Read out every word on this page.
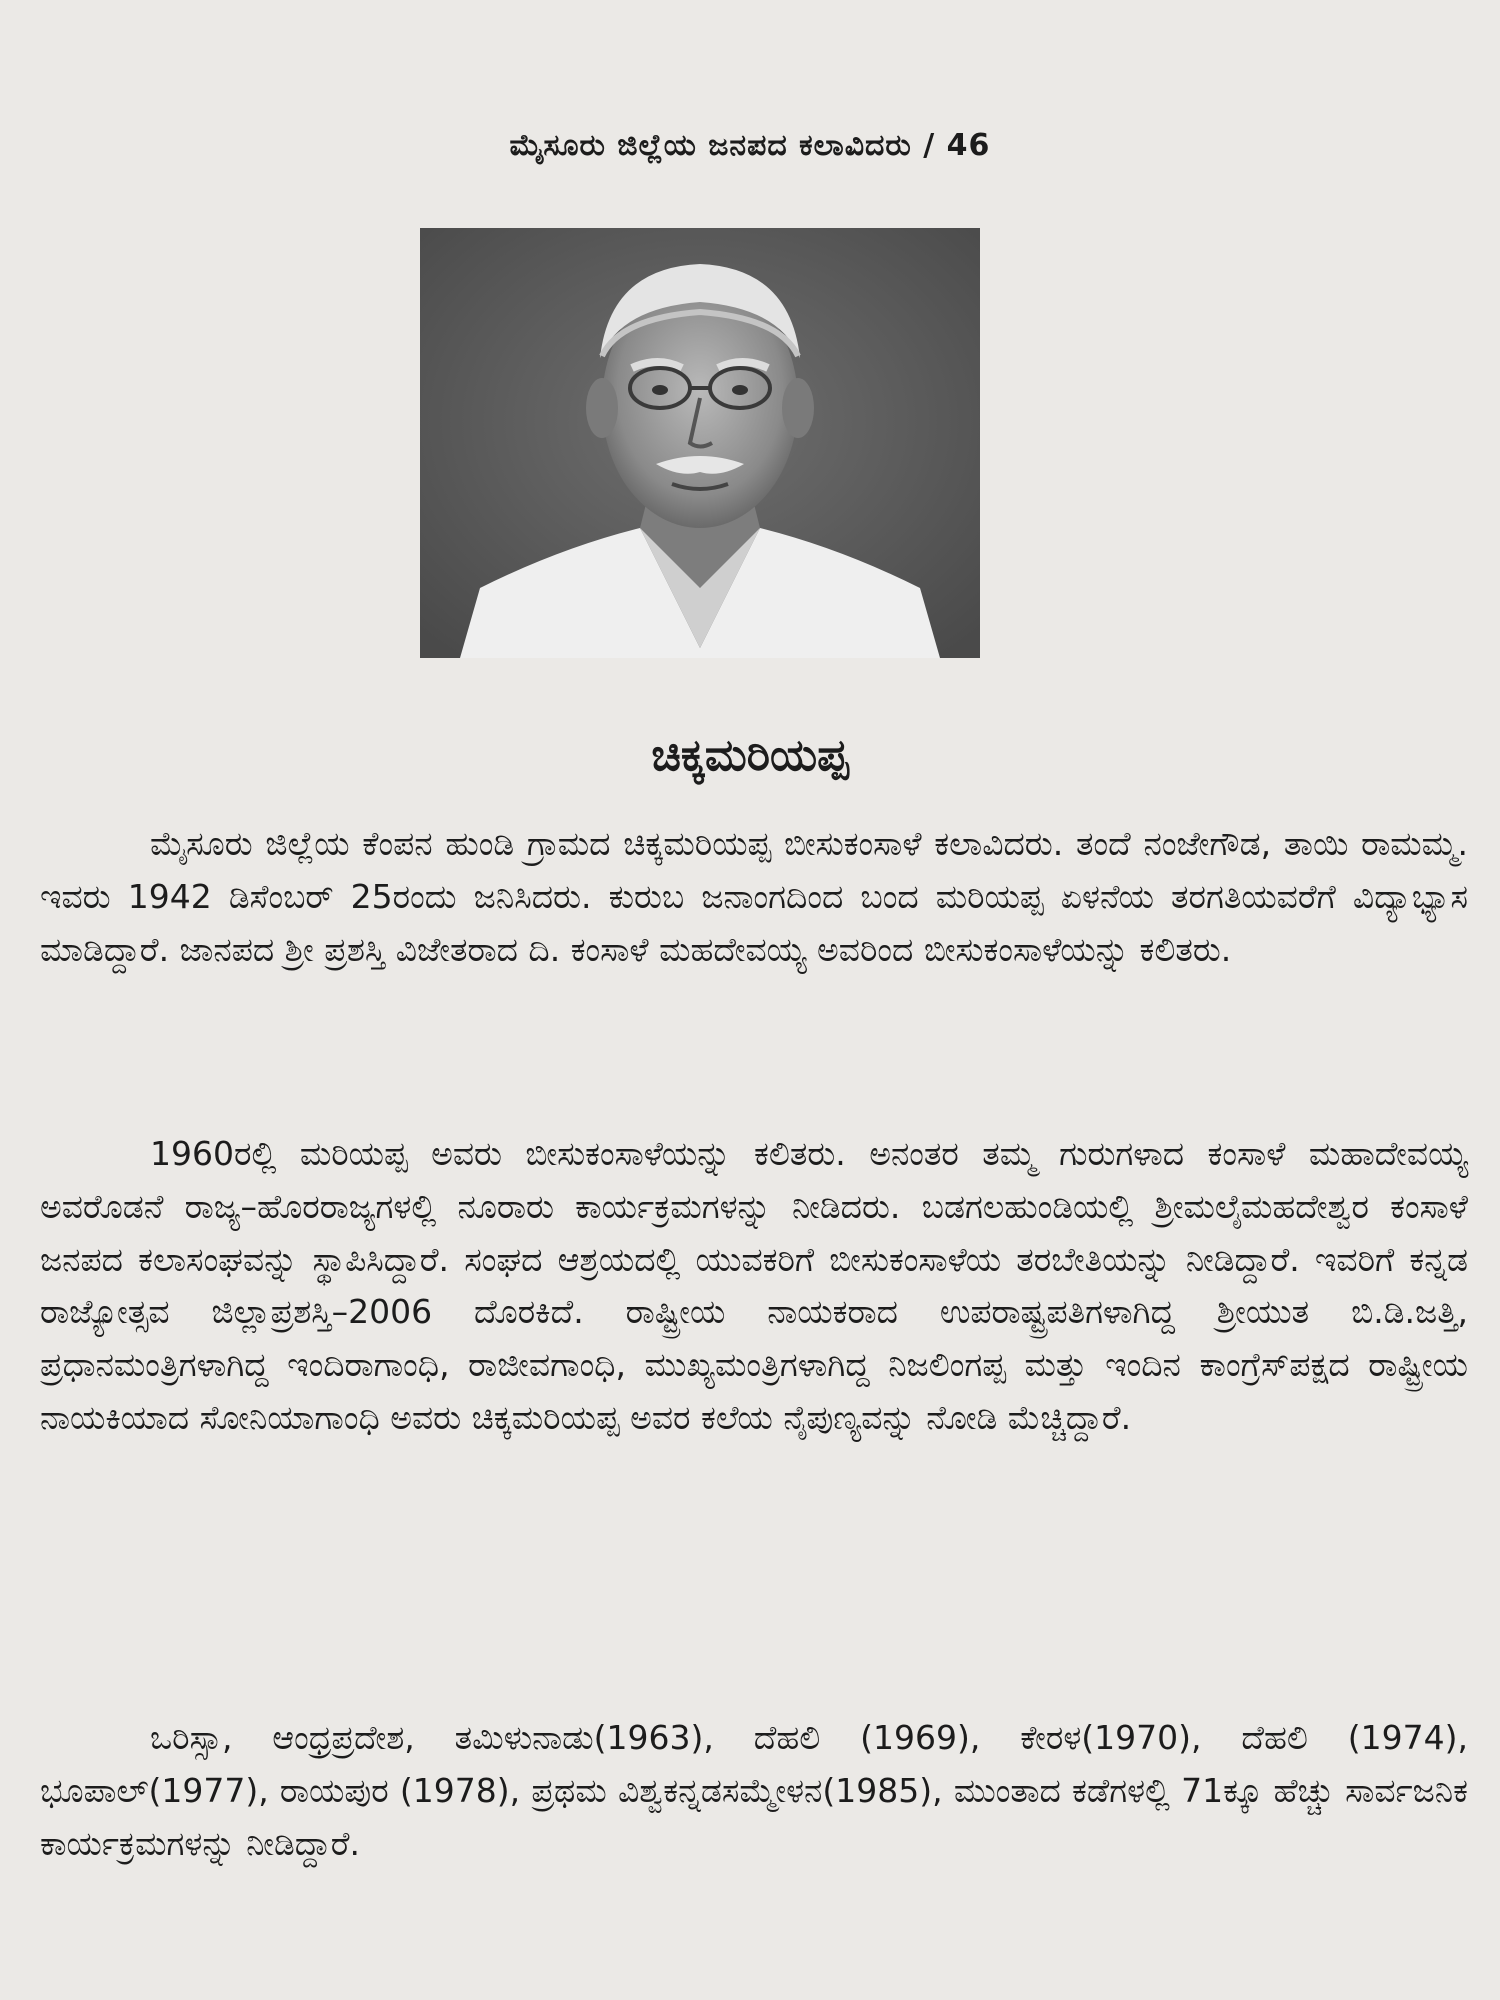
ಮೈಸೂರು ಜಿಲ್ಲೆಯ ಜನಪದ ಕಲಾವಿದರು / 46
ಚಿಕ್ಕಮರಿಯಪ್ಪ

ಮೈಸೂರು ಜಿಲ್ಲೆಯ ಕೆಂಪನ ಹುಂಡಿ ಗ್ರಾಮದ ಚಿಕ್ಕಮರಿಯಪ್ಪ ಬೀಸುಕಂಸಾಳೆ ಕಲಾವಿದರು. ತಂದೆ ನಂಜೇಗೌಡ, ತಾಯಿ ರಾಮಮ್ಮ. ಇವರು 1942 ಡಿಸೆಂಬರ್ 25ರಂದು ಜನಿಸಿದರು. ಕುರುಬ ಜನಾಂಗದಿಂದ ಬಂದ ಮರಿಯಪ್ಪ ಏಳನೆಯ ತರಗತಿಯವರೆಗೆ ವಿದ್ಯಾಭ್ಯಾಸ ಮಾಡಿದ್ದಾರೆ. ಜಾನಪದ ಶ್ರೀ ಪ್ರಶಸ್ತಿ ವಿಜೇತರಾದ ದಿ. ಕಂಸಾಳೆ ಮಹದೇವಯ್ಯ ಅವರಿಂದ ಬೀಸುಕಂಸಾಳೆಯನ್ನು ಕಲಿತರು.

1960ರಲ್ಲಿ ಮರಿಯಪ್ಪ ಅವರು ಬೀಸುಕಂಸಾಳೆಯನ್ನು ಕಲಿತರು. ಅನಂತರ ತಮ್ಮ ಗುರುಗಳಾದ ಕಂಸಾಳೆ ಮಹಾದೇವಯ್ಯ ಅವರೊಡನೆ ರಾಜ್ಯ–ಹೊರರಾಜ್ಯಗಳಲ್ಲಿ ನೂರಾರು ಕಾರ್ಯಕ್ರಮಗಳನ್ನು ನೀಡಿದರು. ಬಡಗಲಹುಂಡಿಯಲ್ಲಿ ಶ್ರೀಮಲೈಮಹದೇಶ್ವರ ಕಂಸಾಳೆ ಜನಪದ ಕಲಾಸಂಘವನ್ನು ಸ್ಥಾಪಿಸಿದ್ದಾರೆ. ಸಂಘದ ಆಶ್ರಯದಲ್ಲಿ ಯುವಕರಿಗೆ ಬೀಸುಕಂಸಾಳೆಯ ತರಬೇತಿಯನ್ನು ನೀಡಿದ್ದಾರೆ. ಇವರಿಗೆ ಕನ್ನಡ ರಾಜ್ಯೋತ್ಸವ ಜಿಲ್ಲಾಪ್ರಶಸ್ತಿ–2006 ದೊರಕಿದೆ. ರಾಷ್ಟ್ರೀಯ ನಾಯಕರಾದ ಉಪರಾಷ್ಟ್ರಪತಿಗಳಾಗಿದ್ದ ಶ್ರೀಯುತ ಬಿ.ಡಿ.ಜತ್ತಿ, ಪ್ರಧಾನಮಂತ್ರಿಗಳಾಗಿದ್ದ ಇಂದಿರಾಗಾಂಧಿ, ರಾಜೀವಗಾಂಧಿ, ಮುಖ್ಯಮಂತ್ರಿಗಳಾಗಿದ್ದ ನಿಜಲಿಂಗಪ್ಪ ಮತ್ತು ಇಂದಿನ ಕಾಂಗ್ರೆಸ್‌ಪಕ್ಷದ ರಾಷ್ಟ್ರೀಯ ನಾಯಕಿಯಾದ ಸೋನಿಯಾಗಾಂಧಿ ಅವರು ಚಿಕ್ಕಮರಿಯಪ್ಪ ಅವರ ಕಲೆಯ ನೈಪುಣ್ಯವನ್ನು ನೋಡಿ ಮೆಚ್ಚಿದ್ದಾರೆ.

ಒರಿಸ್ಸಾ, ಆಂಧ್ರಪ್ರದೇಶ, ತಮಿಳುನಾಡು(1963), ದೆಹಲಿ (1969), ಕೇರಳ(1970), ದೆಹಲಿ (1974), ಭೂಪಾಲ್(1977), ರಾಯಪುರ (1978), ಪ್ರಥಮ ವಿಶ್ವಕನ್ನಡಸಮ್ಮೇಳನ(1985), ಮುಂತಾದ ಕಡೆಗಳಲ್ಲಿ 71ಕ್ಕೂ ಹೆಚ್ಚು ಸಾರ್ವಜನಿಕ ಕಾರ್ಯಕ್ರಮಗಳನ್ನು ನೀಡಿದ್ದಾರೆ.
